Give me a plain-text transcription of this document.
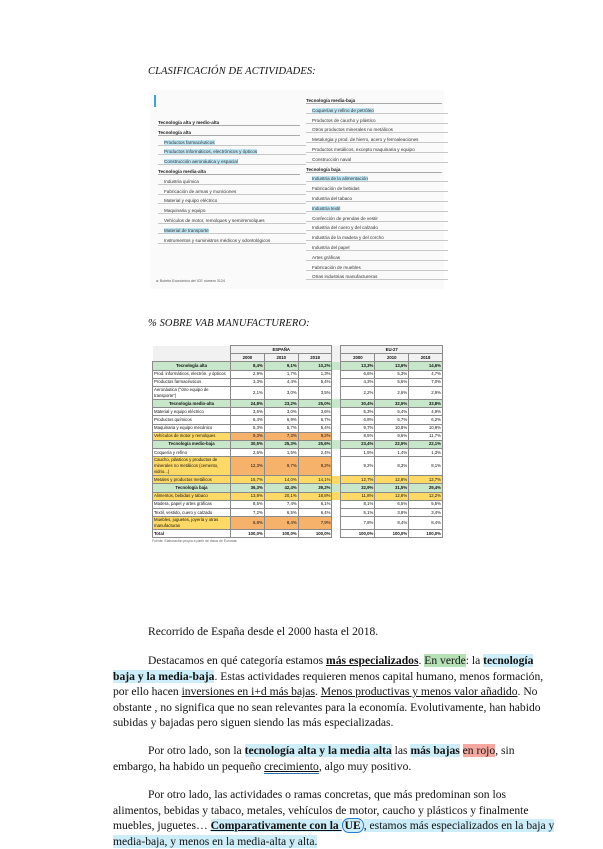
CLASIFICACIÓN DE ACTIVIDADES:
Tecnología alta y medio-alta
Tecnología alta
Productos farmacéuticos
Productos informáticos, electrónicos y ópticos
Construcción aeronáutica y espacial
Tecnología media-alta
Industria química
Fabricación de armas y municiones
Material y equipo eléctrico
Maquinaria y equipo
Vehículos de motor, remolques y semirremolques
Material de transporte
Instrumentos y suministros médicos y odontológicos
Tecnología media-baja
Coquerías y refino de petróleo
Productos de caucho y plástico
Otros productos minerales no metálicos
Metalurgia y prod. de hierro, acero y ferroaleaciones
Productos metálicos, excepto maquinaria y equipo
Construcción naval
Tecnología baja
Industria de la alimentación
Fabricación de bebidas
Industria del tabaco
Industria textil
Confección de prendas de vestir
Industria del cuero y del calzado
Industria de la madera y del corcho
Industria del papel
Artes gráficas
Fabricación de muebles
Otras industrias manufactureras
a: Boletín Económico del ICE número 3124
% SOBRE VAB MANUFACTURERO:
	ESPAÑA				EU-27		
	2000	2010	2018		2000	2010	2018
Tecnología alta	8,4%	9,1%	10,2%		13,3%	13,6%	14,6%
Prod. informáticos, electrón. y ópticos	2,9%	1,7%	1,3%		6,6%	5,3%	4,7%
Productos farmacéuticos	3,3%	4,4%	5,4%		4,3%	5,6%	7,0%
Aeronáutica ("otro equipo de transporte")	2,1%	3,0%	3,5%		2,2%	2,6%	2,9%
Tecnología medio-alta	24,8%	23,2%	25,0%		30,4%	32,5%	33,8%
Material y equipo eléctrico	3,6%	3,0%	3,6%		5,3%	5,4%	4,9%
Productos químicos	6,4%	6,9%	6,7%		6,8%	6,7%	6,2%
Maquinaria y equipo mecánico	5,3%	5,7%	5,4%		9,7%	10,8%	10,9%
Vehículos de motor y remolques	9,3%	7,3%	9,2%		8,5%	9,6%	11,7%
Tecnología medio-baja	30,5%	25,3%	25,6%		23,4%	22,5%	22,1%
Coquería y refino	2,6%	1,5%	2,4%		1,5%	1,4%	1,3%
Caucho, plásticos y productos de minerales no metálicos (cemento, vidrio...)	12,3%	9,7%	9,2%		9,2%	8,3%	8,1%
Metales y productos metálicos	15,7%	14,0%	14,1%		12,7%	12,8%	12,7%
Tecnología baja	36,3%	42,4%	39,2%		32,9%	31,5%	29,4%
Alimentos, bebidas y tabaco	13,8%	20,1%	18,8%		11,8%	12,8%	12,2%
Madera, papel y artes gráficas	8,5%	7,4%	6,1%		8,1%	6,5%	5,5%
Textil, vestido, cuero y calzado	7,2%	6,5%	6,4%		5,1%	3,8%	3,4%
Muebles, juguetes, joyería y otras manufacturas	6,8%	8,4%	7,9%		7,8%	8,4%	8,4%
Total	100,0%	100,0%	100,0%		100,0%	100,0%	100,0%
Fuente: Elaboración propia a partir de datos de Eurostat.
Recorrido de España desde el 2000 hasta el 2018.
Destacamos en qué categoría estamos más especializados. En verde: la tecnología
baja y la media-baja. Estas actividades requieren menos capital humano, menos formación,
por ello hacen inversiones en i+d más bajas. Menos productivas y menos valor añadido. No
obstante , no significa que no sean relevantes para la economía. Evolutivamente, han habido
subidas y bajadas pero siguen siendo las más especializadas.
Por otro lado, son la tecnología alta y la media alta las más bajas en rojo, sin
embargo, ha habido un pequeño crecimiento, algo muy positivo.
Por otro lado, las actividades o ramas concretas, que más predominan son los
alimentos, bebidas y tabaco, metales, vehículos de motor, caucho y plásticos y finalmente
muebles, juguetes… Comparativamente con la UE , estamos más especializados en la baja y
media-baja, y menos en la media-alta y alta.
